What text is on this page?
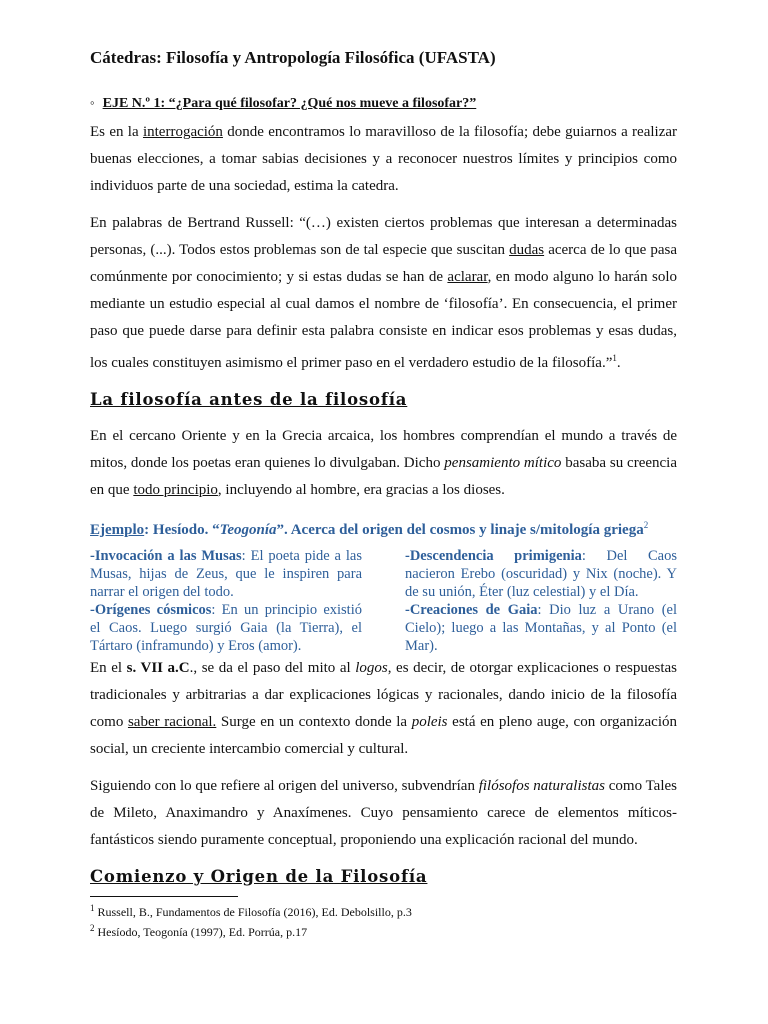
Cátedras: Filosofía y Antropología Filosófica (UFASTA)
◦ EJE N.º 1: “¿Para qué filosofar? ¿Qué nos mueve a filosofar?”

Es en la interrogación donde encontramos lo maravilloso de la filosofía; debe guiarnos a realizar buenas elecciones, a tomar sabias decisiones y a reconocer nuestros límites y principios como individuos parte de una sociedad, estima la catedra.

En palabras de Bertrand Russell: “(…) existen ciertos problemas que interesan a determinadas personas, (...). Todos estos problemas son de tal especie que suscitan dudas acerca de lo que pasa comúnmente por conocimiento; y si estas dudas se han de aclarar, en modo alguno lo harán solo mediante un estudio especial al cual damos el nombre de ‘filosofía’. En consecuencia, el primer paso que puede darse para definir esta palabra consiste en indicar esos problemas y esas dudas, los cuales constituyen asimismo el primer paso en el verdadero estudio de la filosofía.”$^1$.

La filosofía antes de la filosofía

En el cercano Oriente y en la Grecia arcaica, los hombres comprendían el mundo a través de mitos, donde los poetas eran quienes lo divulgaban. Dicho pensamiento mítico basaba su creencia en que todo principio, incluyendo al hombre, era gracias a los dioses.

Ejemplo: Hesíodo. “Teogonía”. Acerca del origen del cosmos y linaje s/mitología griega$^2$

-Invocación a las Musas: El poeta pide a las Musas, hijas de Zeus, que le inspiren para narrar el origen del todo.

-Orígenes cósmicos: En un principio existió el Caos. Luego surgió Gaia (la Tierra), el Tártaro (inframundo) y Eros (amor).

-Descendencia primigenia: Del Caos nacieron Erebo (oscuridad) y Nix (noche). Y de su unión, Éter (luz celestial) y el Día.

-Creaciones de Gaia: Dio luz a Urano (el Cielo); luego a las Montañas, y al Ponto (el Mar).

En el s. VII a.C., se da el paso del mito al logos, es decir, de otorgar explicaciones o respuestas tradicionales y arbitrarias a dar explicaciones lógicas y racionales, dando inicio de la filosofía como saber racional. Surge en un contexto donde la poleis está en pleno auge, con organización social, un creciente intercambio comercial y cultural.

Siguiendo con lo que refiere al origen del universo, subvendrían filósofos naturalistas como Tales de Mileto, Anaximandro y Anaxímenes. Cuyo pensamiento carece de elementos míticos-fantásticos siendo puramente conceptual, proponiendo una explicación racional del mundo.

Comienzo y Origen de la Filosofía

$^1$ Russell, B., Fundamentos de Filosofía (2016), Ed. Debolsillo, p.3

$^2$ Hesíodo, Teogonía (1997), Ed. Porrúa, p.17
